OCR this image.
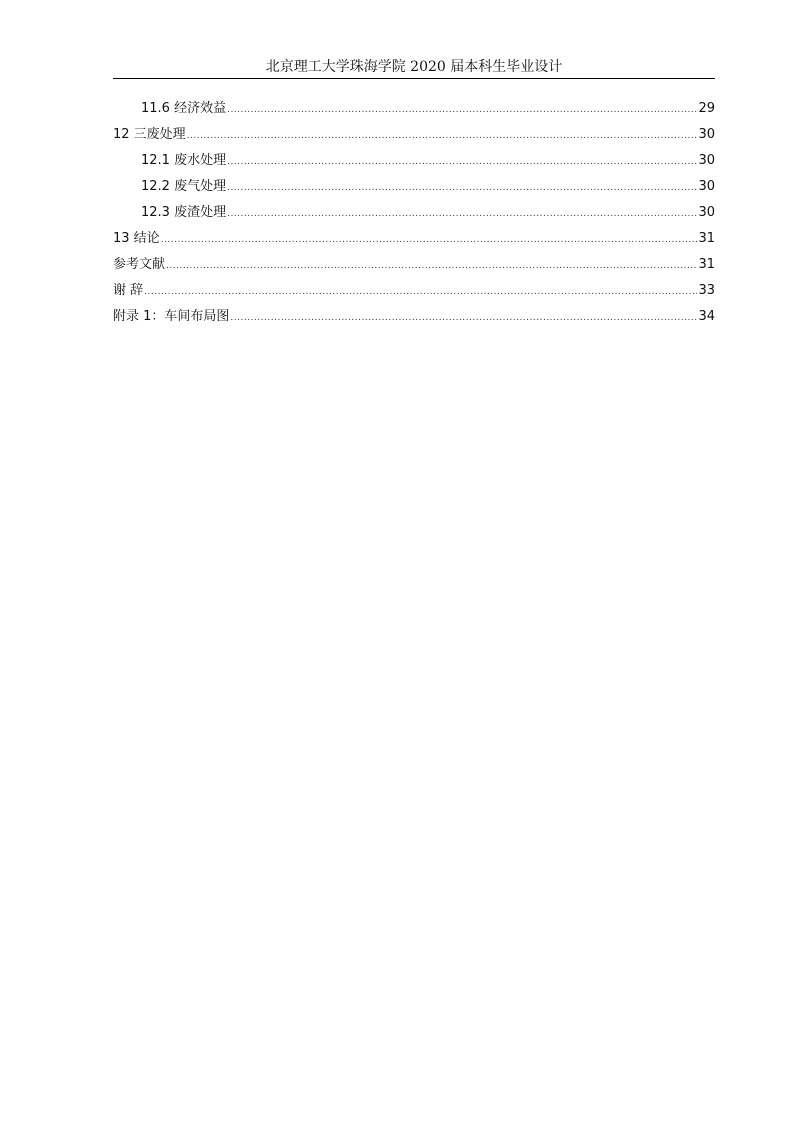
北京理工大学珠海学院 2020 届本科生毕业设计
11.6 经济效益 .....	29
12 三废处理 .....	30
12.1 废水处理 .....	30
12.2 废气处理 .....	30
12.3 废渣处理 .....	30
13 结论 .....	31
参考文献 .....	31
谢 辞 .....	33
附录 1：车间布局图 .....	34
